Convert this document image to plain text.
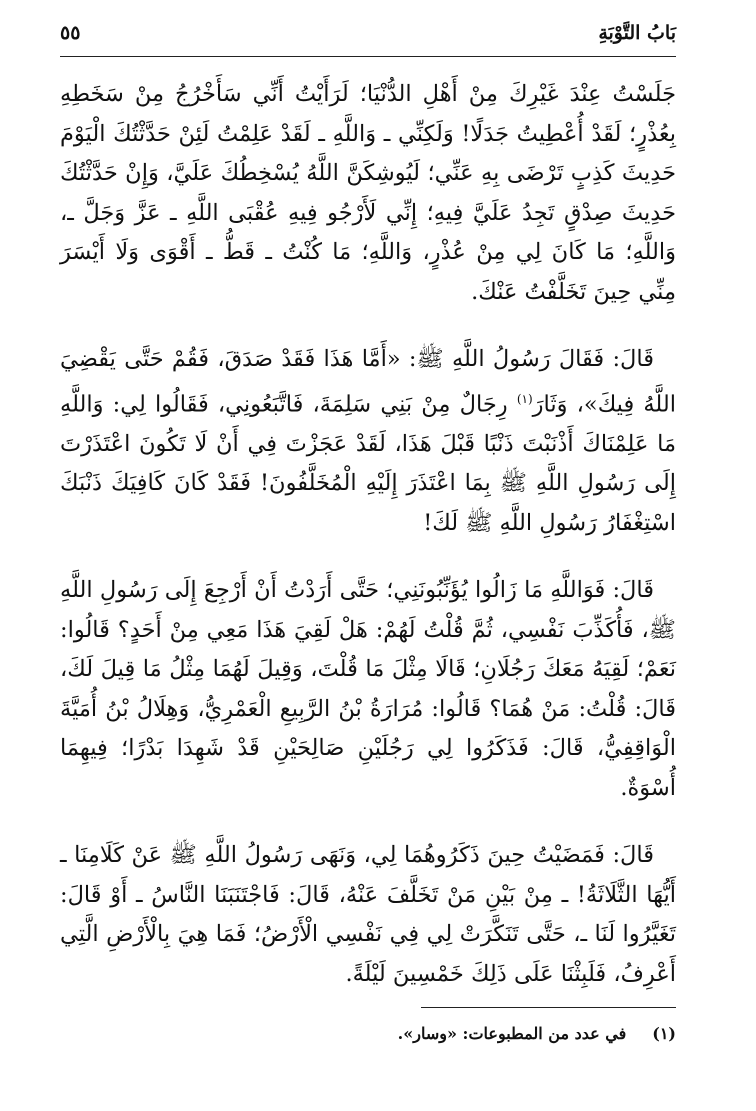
بَابُ التَّوْبَةِ
٥٥

جَلَسْتُ عِنْدَ غَيْرِكَ مِنْ أَهْلِ الدُّنْيَا؛ لَرَأَيْتُ أَنِّي سَأَخْرُجُ مِنْ سَخَطِهِ بِعُذْرٍ؛ لَقَدْ أُعْطِيتُ جَدَلًا! وَلَكِنِّي ـ وَاللَّهِ ـ لَقَدْ عَلِمْتُ لَئِنْ حَدَّثْتُكَ الْيَوْمَ حَدِيثَ كَذِبٍ تَرْضَى بِهِ عَنِّي؛ لَيُوشِكَنَّ اللَّهُ يُسْخِطُكَ عَلَيَّ، وَإِنْ حَدَّثْتُكَ حَدِيثَ صِدْقٍ تَجِدُ عَلَيَّ فِيهِ؛ إِنِّي لَأَرْجُو فِيهِ عُقْبَى اللَّهِ ـ عَزَّ وَجَلَّ ـ، وَاللَّهِ؛ مَا كَانَ لِي مِنْ عُذْرٍ، وَاللَّهِ؛ مَا كُنْتُ ـ قَطُّ ـ أَقْوَى وَلَا أَيْسَرَ مِنِّي حِينَ تَخَلَّفْتُ عَنْكَ.

قَالَ: فَقَالَ رَسُولُ اللَّهِ ﷺ: «أَمَّا هَذَا فَقَدْ صَدَقَ، فَقُمْ حَتَّى يَقْضِيَ اللَّهُ فِيكَ»، وَثَارَ$^{(١)}$ رِجَالٌ مِنْ بَنِي سَلِمَةَ، فَاتَّبَعُونِي، فَقَالُوا لِي: وَاللَّهِ مَا عَلِمْنَاكَ أَذْنَبْتَ ذَنْبًا قَبْلَ هَذَا، لَقَدْ عَجَزْتَ فِي أَنْ لَا تَكُونَ اعْتَذَرْتَ إِلَى رَسُولِ اللَّهِ ﷺ بِمَا اعْتَذَرَ إِلَيْهِ الْمُخَلَّفُونَ! فَقَدْ كَانَ كَافِيَكَ ذَنْبَكَ اسْتِغْفَارُ رَسُولِ اللَّهِ ﷺ لَكَ!

قَالَ: فَوَاللَّهِ مَا زَالُوا يُؤَنِّبُونَنِي؛ حَتَّى أَرَدْتُ أَنْ أَرْجِعَ إِلَى رَسُولِ اللَّهِ ﷺ، فَأُكَذِّبَ نَفْسِي، ثُمَّ قُلْتُ لَهُمْ: هَلْ لَقِيَ هَذَا مَعِي مِنْ أَحَدٍ؟ قَالُوا: نَعَمْ؛ لَقِيَهُ مَعَكَ رَجُلَانِ؛ قَالَا مِثْلَ مَا قُلْتَ، وَقِيلَ لَهُمَا مِثْلُ مَا قِيلَ لَكَ، قَالَ: قُلْتُ: مَنْ هُمَا؟ قَالُوا: مُرَارَةُ بْنُ الرَّبِيعِ الْعَمْرِيُّ، وَهِلَالُ بْنُ أُمَيَّةَ الْوَاقِفِيُّ، قَالَ: فَذَكَرُوا لِي رَجُلَيْنِ صَالِحَيْنِ قَدْ شَهِدَا بَدْرًا؛ فِيهِمَا أُسْوَةٌ.

قَالَ: فَمَضَيْتُ حِينَ ذَكَرُوهُمَا لِي، وَنَهَى رَسُولُ اللَّهِ ﷺ عَنْ كَلَامِنَا ـ أَيُّهَا الثَّلَاثَةُ! ـ مِنْ بَيْنِ مَنْ تَخَلَّفَ عَنْهُ، قَالَ: فَاجْتَنَبَنَا النَّاسُ ـ أَوْ قَالَ: تَغَيَّرُوا لَنَا ـ، حَتَّى تَنَكَّرَتْ لِي فِي نَفْسِي الْأَرْضُ؛ فَمَا هِيَ بِالْأَرْضِ الَّتِي أَعْرِفُ، فَلَبِثْنَا عَلَى ذَلِكَ خَمْسِينَ لَيْلَةً.

(١)في عدد من المطبوعات: «وسار».
